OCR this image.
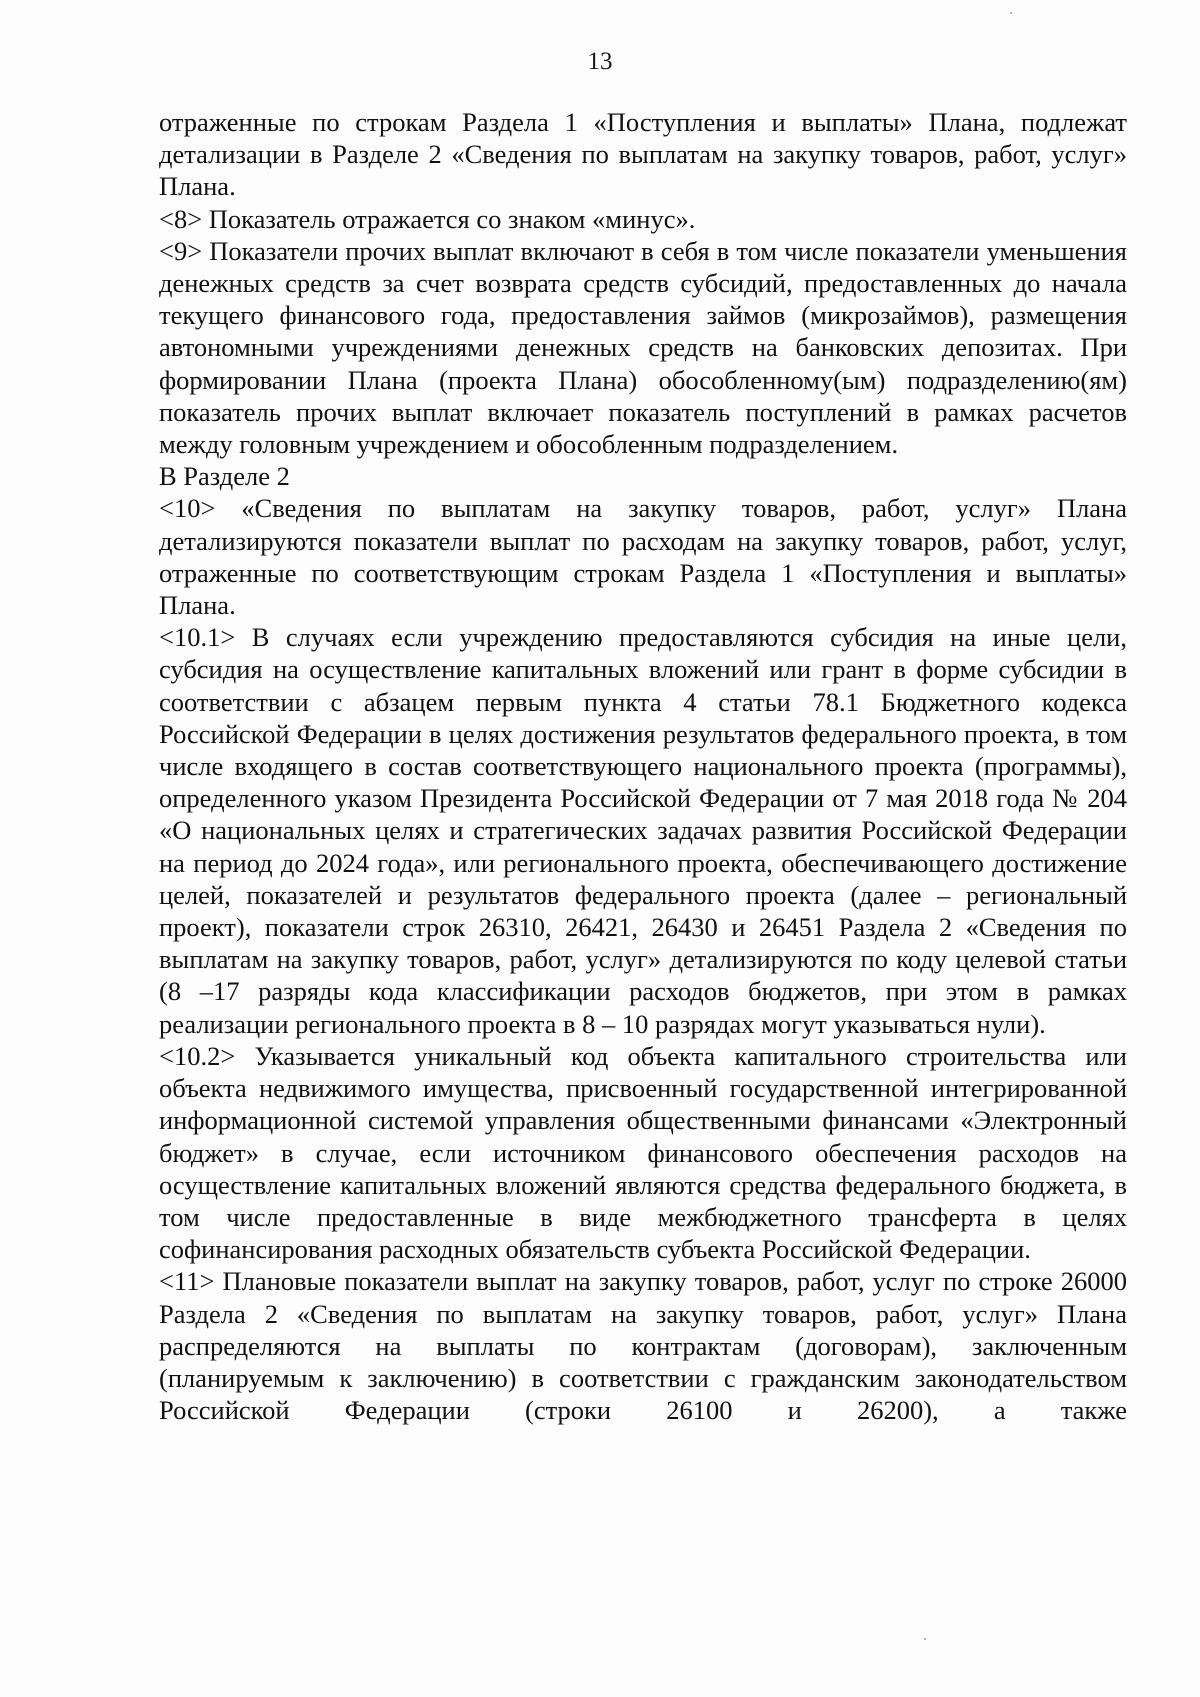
13

отраженные по строкам Раздела 1 «Поступления и выплаты» Плана, подлежат детализации в Разделе 2 «Сведения по выплатам на закупку товаров, работ, услуг» Плана.

<8> Показатель отражается со знаком «минус».

<9> Показатели прочих выплат включают в себя в том числе показатели уменьшения денежных средств за счет возврата средств субсидий, предоставленных до начала текущего финансового года, предоставления займов (микрозаймов), размещения автономными учреждениями денежных средств на банковских депозитах. При формировании Плана (проекта Плана) обособленному(ым) подразделению(ям) показатель прочих выплат включает показатель поступлений в рамках расчетов между головным учреждением и обособленным подразделением.

В Разделе 2

<10> «Сведения по выплатам на закупку товаров, работ, услуг» Плана детализируются показатели выплат по расходам на закупку товаров, работ, услуг, отраженные по соответствующим строкам Раздела 1 «Поступления и выплаты» Плана.

<10.1> В случаях если учреждению предоставляются субсидия на иные цели, субсидия на осуществление капитальных вложений или грант в форме субсидии в соответствии с абзацем первым пункта 4 статьи 78.1 Бюджетного кодекса Российской Федерации в целях достижения результатов федерального проекта, в том числе входящего в состав соответствующего национального проекта (программы), определенного указом Президента Российской Федерации от 7 мая 2018 года № 204 «О национальных целях и стратегических задачах развития Российской Федерации на период до 2024 года», или регионального проекта, обеспечивающего достижение целей, показателей и результатов федерального проекта (далее – региональный проект), показатели строк 26310, 26421, 26430 и 26451 Раздела 2 «Сведения по выплатам на закупку товаров, работ, услуг» детализируются по коду целевой статьи (8 –17 разряды кода классификации расходов бюджетов, при этом в рамках реализации регионального проекта в 8 – 10 разрядах могут указываться нули).

<10.2> Указывается уникальный код объекта капитального строительства или объекта недвижимого имущества, присвоенный государственной интегрированной информационной системой управления общественными финансами «Электронный бюджет» в случае, если источником финансового обеспечения расходов на осуществление капитальных вложений являются средства федерального бюджета, в том числе предоставленные в виде межбюджетного трансферта в целях софинансирования расходных обязательств субъекта Российской Федерации.

<11> Плановые показатели выплат на закупку товаров, работ, услуг по строке 26000 Раздела 2 «Сведения по выплатам на закупку товаров, работ, услуг» Плана распределяются на выплаты по контрактам (договорам), заключенным (планируемым к заключению) в соответствии с гражданским законодательством Российской Федерации (строки 26100 и 26200), а также
